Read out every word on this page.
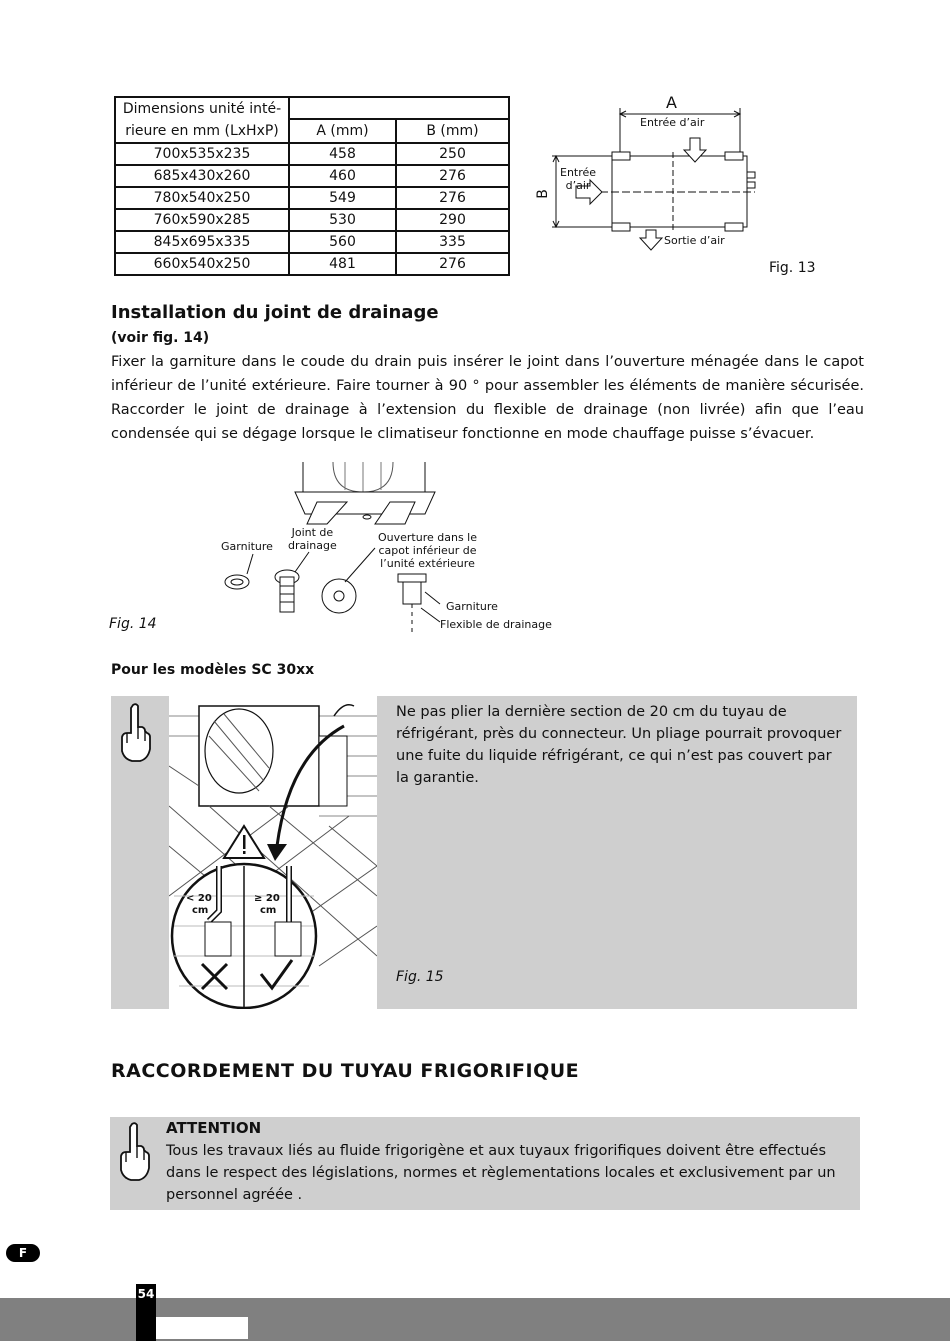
Dimensions unité inté-
rieure en mm (LxHxP)		

	A (mm)	B (mm)
700x535x235	458	250
685x430x260	460	276
780x540x250	549	276
760x590x285	530	290
845x695x335	560	335
660x540x250	481	276
A
B
Entrée d’air
Entrée
d’air
Sortie d’air
Fig. 13
Installation du joint de drainage
(voir fig. 14)

Fixer la garniture dans le coude du drain puis insérer le joint dans l’ouverture ménagée dans le capot inférieur de l’unité extérieure. Faire tourner à 90 ° pour assembler les éléments de manière sécurisée. Raccorder le joint de drainage à l’extension du flexible de drainage (non livrée) afin que l’eau condensée qui se dégage lorsque le climatiseur fonctionne en mode chauffage puisse s’évacuer.

Garniture
Joint de
drainage
Ouverture dans le
capot inférieur de
l’unité extérieure
Garniture
Flexible de drainage
Fig. 14
Pour les modèles SC 30xx
< 20
cm
≥ 20
cm
Ne pas plier la dernière section de 20 cm du tuyau de réfrigérant, près du connecteur. Un pliage pourrait provoquer une fuite du liquide réfrigérant, ce qui n’est pas couvert par la garantie.
Fig. 15
RACCORDEMENT DU TUYAU FRIGORIFIQUE
ATTENTION
Tous les travaux liés au fluide frigorigène et aux tuyaux frigorifiques doivent être effectués dans le respect des législations, normes et règlementations locales et exclusivement par un personnel agréée .
F
54
